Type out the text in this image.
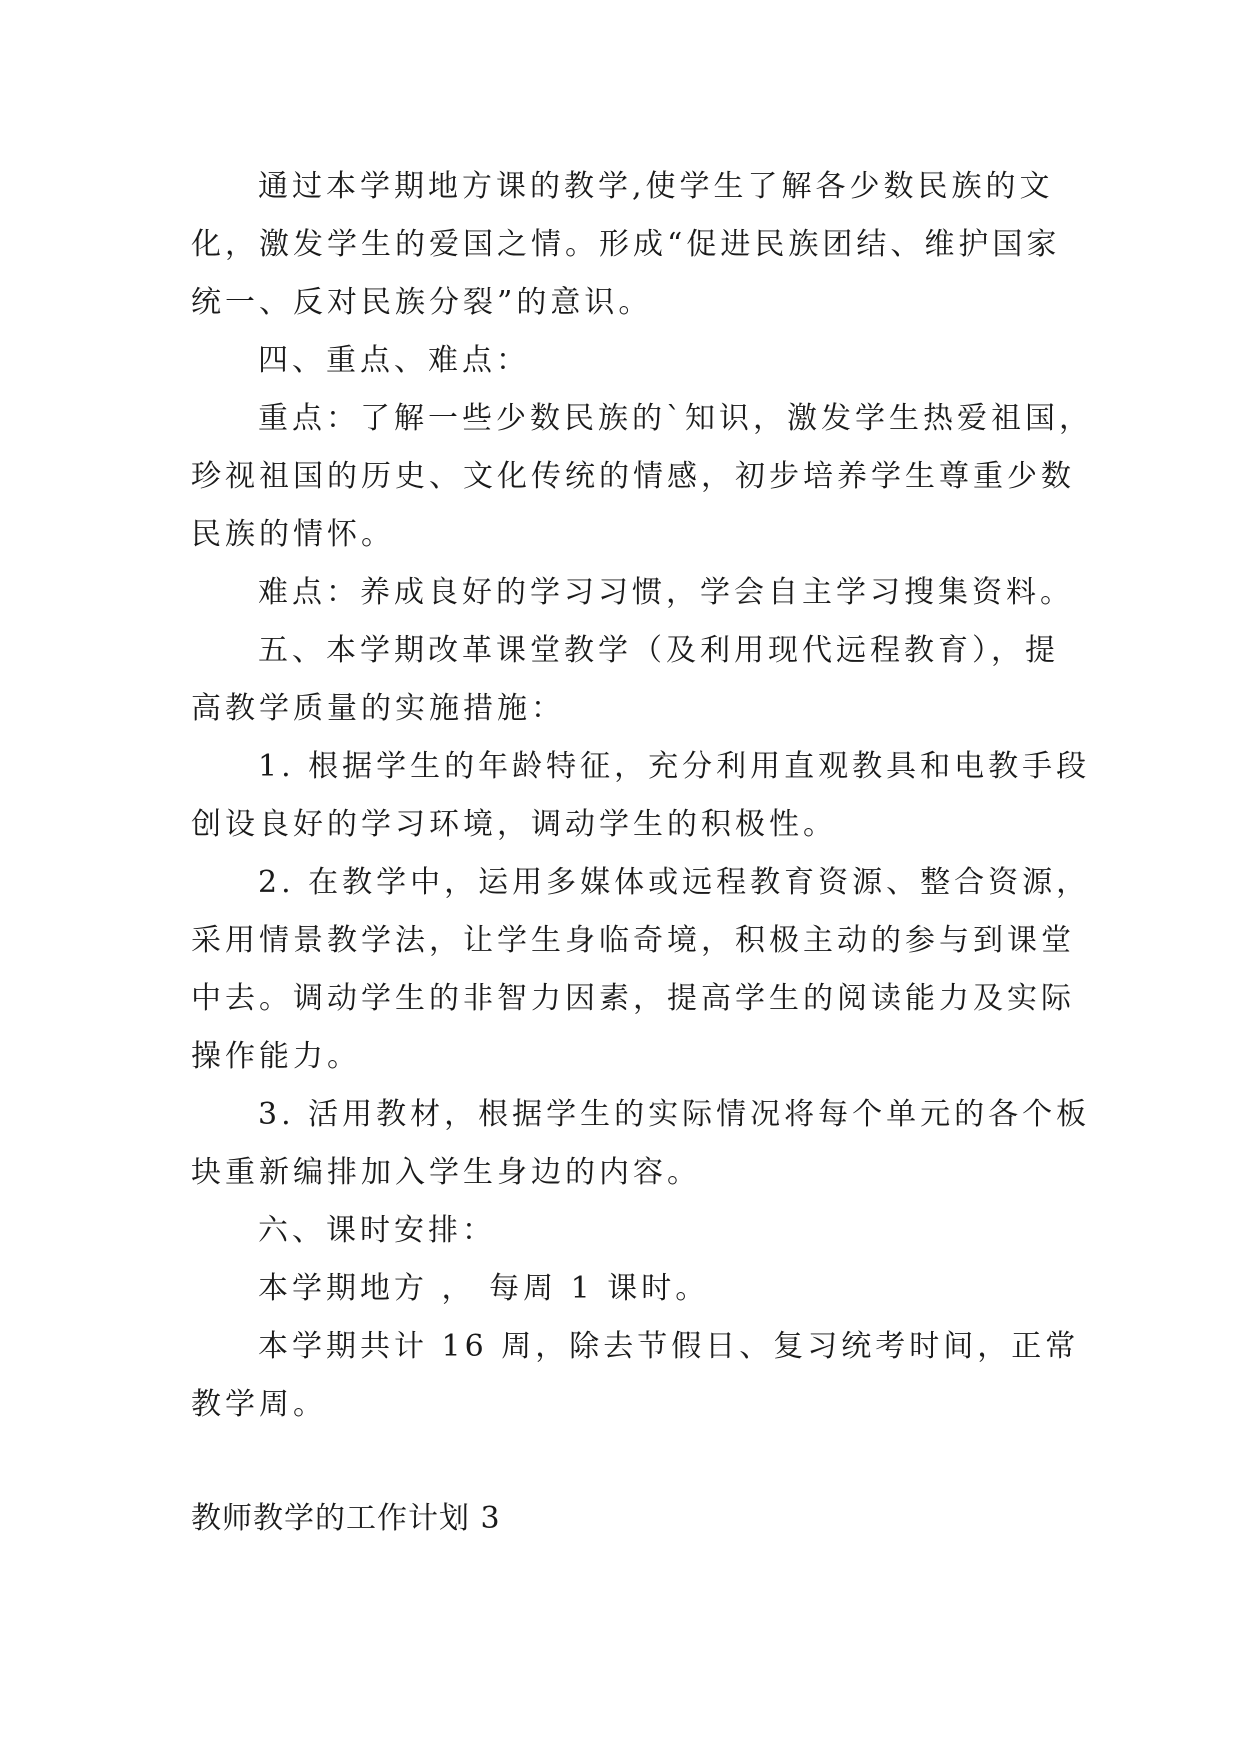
通过本学期地方课的教学,使学生了解各少数民族的文
化，激发学生的爱国之情。形成“促进民族团结、维护国家
统一、反对民族分裂”的意识。
四、重点、难点：
重点：了解一些少数民族的`知识，激发学生热爱祖国，
珍视祖国的历史、文化传统的情感，初步培养学生尊重少数
民族的情怀。
难点：养成良好的学习习惯，学会自主学习搜集资料。
五、本学期改革课堂教学（及利用现代远程教育），提
高教学质量的实施措施：
1. 根据学生的年龄特征，充分利用直观教具和电教手段
创设良好的学习环境，调动学生的积极性。
2. 在教学中，运用多媒体或远程教育资源、整合资源，
采用情景教学法，让学生身临奇境，积极主动的参与到课堂
中去。调动学生的非智力因素，提高学生的阅读能力及实际
操作能力。
3. 活用教材，根据学生的实际情况将每个单元的各个板
块重新编排加入学生身边的内容。
六、课时安排：
本学期地方 ， 每周 1 课时。
本学期共计 16 周，除去节假日、复习统考时间，正常
教学周。
教师教学的工作计划 3
